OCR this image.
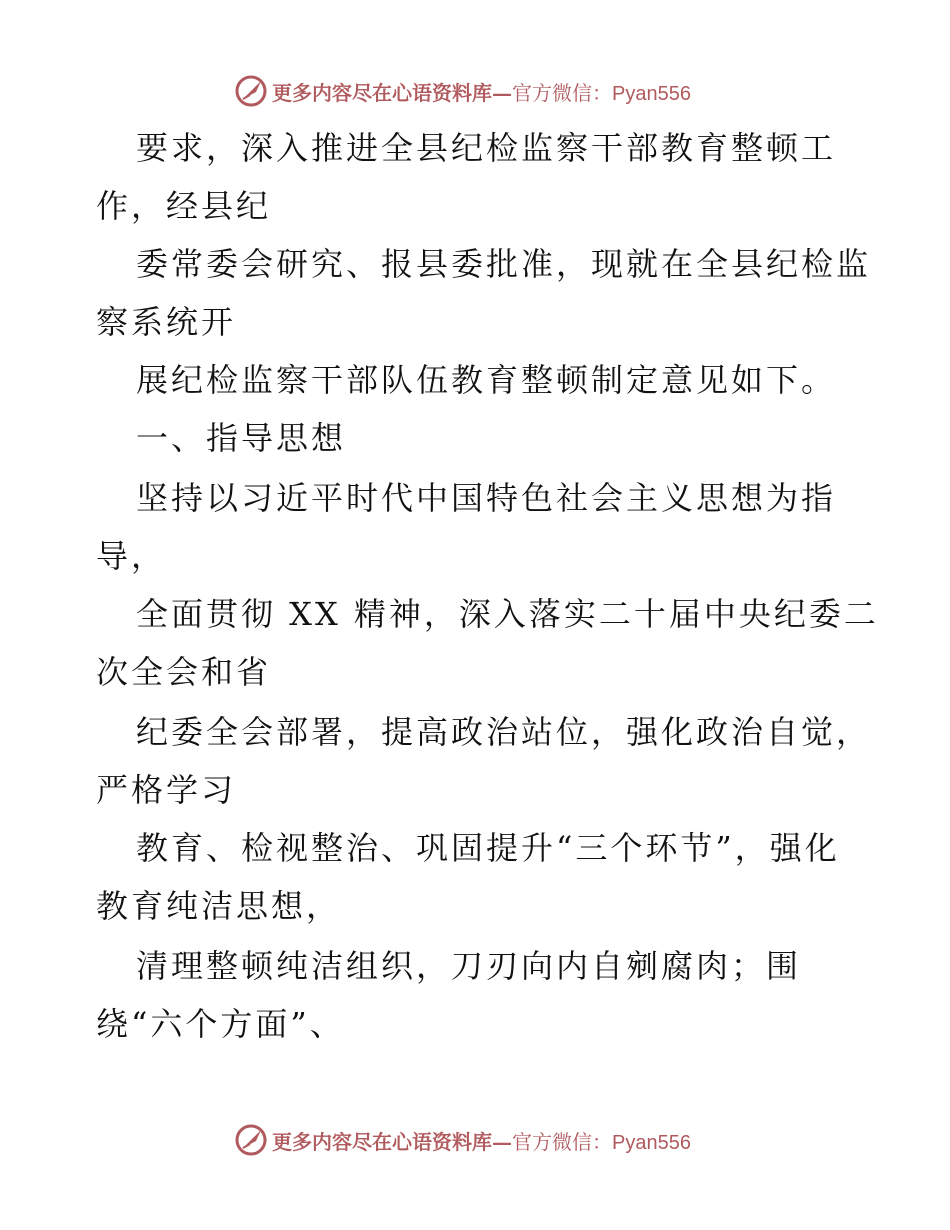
更多内容尽在心语资料库—官方微信：Pyan556
要求，深入推进全县纪检监察干部教育整顿工
作，经县纪
委常委会研究、报县委批准，现就在全县纪检监
察系统开
展纪检监察干部队伍教育整顿制定意见如下。
一、指导思想
坚持以习近平时代中国特色社会主义思想为指
导，
全面贯彻 XX 精神，深入落实二十届中央纪委二
次全会和省
纪委全会部署，提高政治站位，强化政治自觉，
严格学习
教育、检视整治、巩固提升“三个环节”，强化
教育纯洁思想，
清理整顿纯洁组织，刀刃向内自剜腐肉；围
绕“六个方面”、
更多内容尽在心语资料库—官方微信：Pyan556
